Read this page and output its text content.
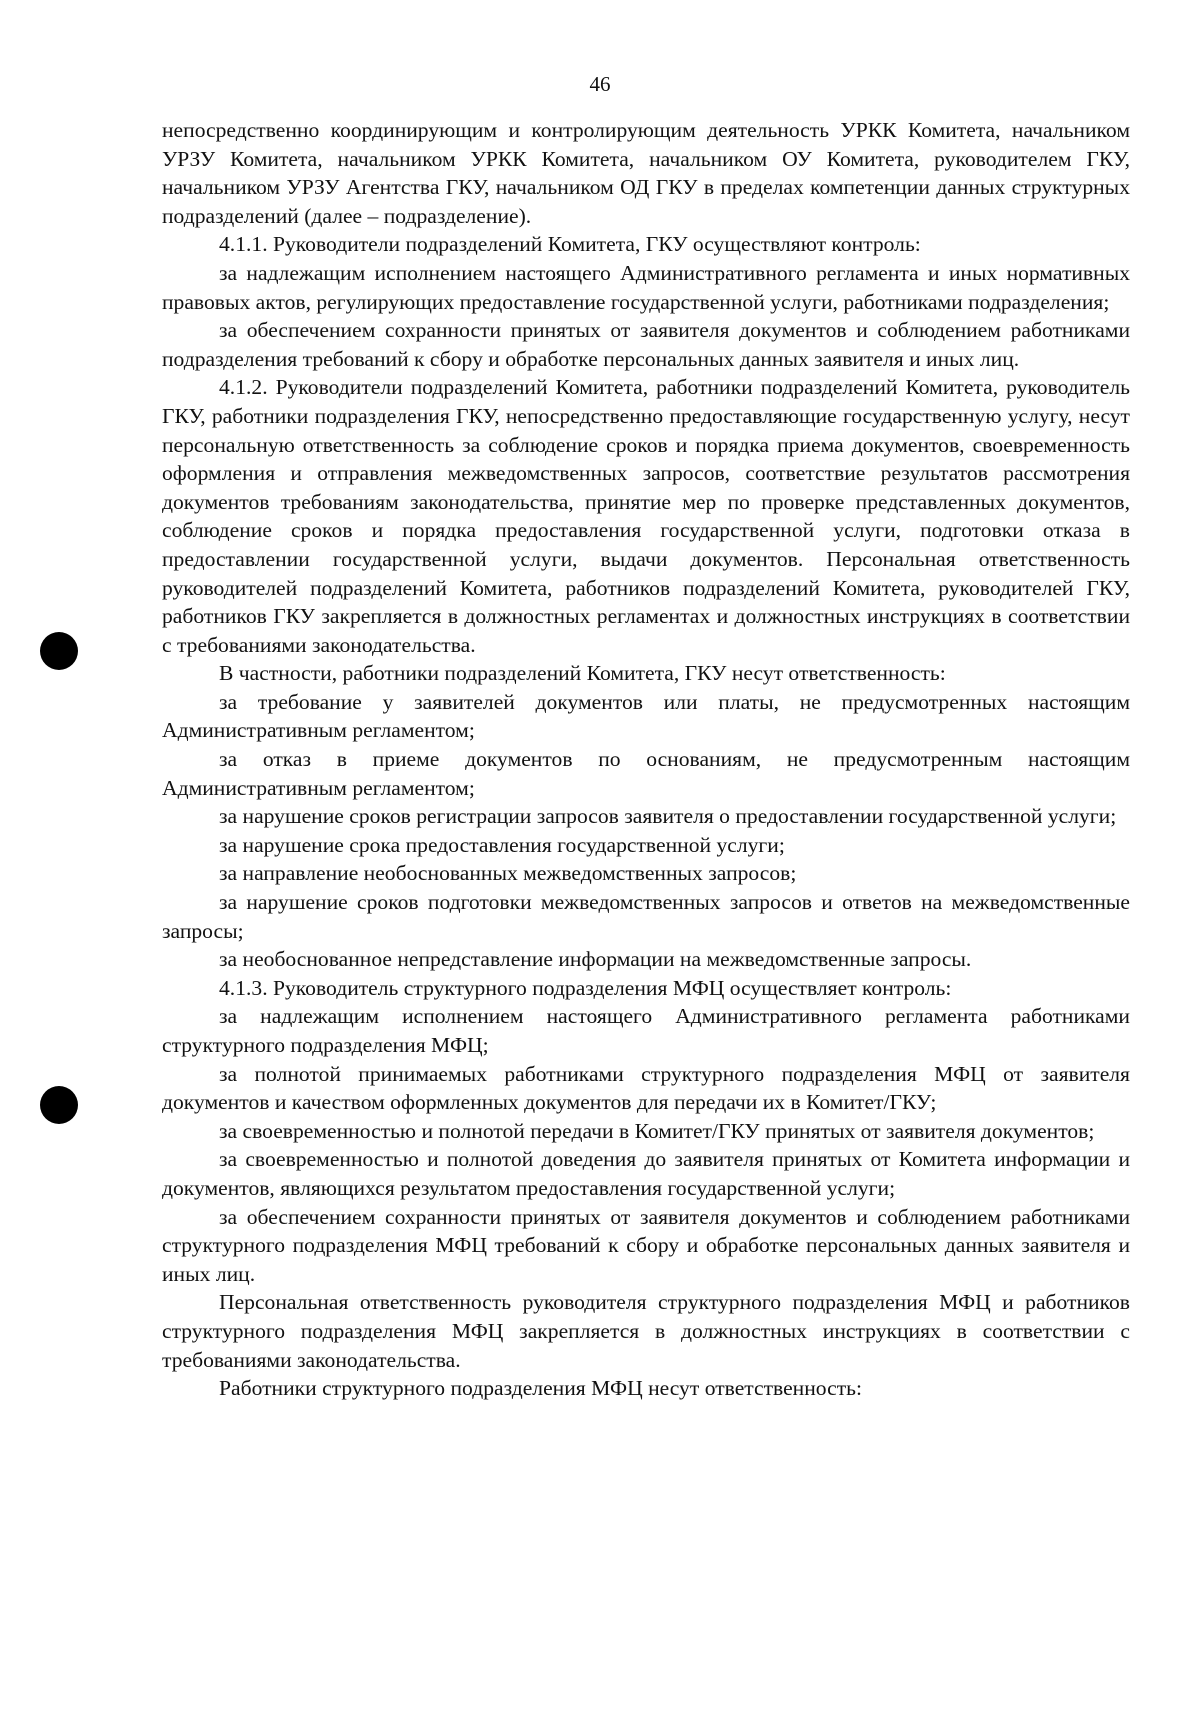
46

непосредственно координирующим и контролирующим деятельность УРКК Комитета, начальником УРЗУ Комитета, начальником УРКК Комитета, начальником ОУ Комитета, руководителем ГКУ, начальником УРЗУ Агентства ГКУ, начальником ОД ГКУ в пределах компетенции данных структурных подразделений (далее – подразделение).

4.1.1. Руководители подразделений Комитета, ГКУ осуществляют контроль:

за надлежащим исполнением настоящего Административного регламента и иных нормативных правовых актов, регулирующих предоставление государственной услуги, работниками подразделения;

за обеспечением сохранности принятых от заявителя документов и соблюдением работниками подразделения требований к сбору и обработке персональных данных заявителя и иных лиц.

4.1.2. Руководители подразделений Комитета, работники подразделений Комитета, руководитель ГКУ, работники подразделения ГКУ, непосредственно предоставляющие государственную услугу, несут персональную ответственность за соблюдение сроков и порядка приема документов, своевременность оформления и отправления межведомственных запросов, соответствие результатов рассмотрения документов требованиям законодательства, принятие мер по проверке представленных документов, соблюдение сроков и порядка предоставления государственной услуги, подготовки отказа в предоставлении государственной услуги, выдачи документов. Персональная ответственность руководителей подразделений Комитета, работников подразделений Комитета, руководителей ГКУ, работников ГКУ закрепляется в должностных регламентах и должностных инструкциях в соответствии с требованиями законодательства.

В частности, работники подразделений Комитета, ГКУ несут ответственность:

за требование у заявителей документов или платы, не предусмотренных настоящим Административным регламентом;

за отказ в приеме документов по основаниям, не предусмотренным настоящим Административным регламентом;

за нарушение сроков регистрации запросов заявителя о предоставлении государственной услуги;

за нарушение срока предоставления государственной услуги;

за направление необоснованных межведомственных запросов;

за нарушение сроков подготовки межведомственных запросов и ответов на межведомственные запросы;

за необоснованное непредставление информации на межведомственные запросы.

4.1.3. Руководитель структурного подразделения МФЦ осуществляет контроль:

за надлежащим исполнением настоящего Административного регламента работниками структурного подразделения МФЦ;

за полнотой принимаемых работниками структурного подразделения МФЦ от заявителя документов и качеством оформленных документов для передачи их в Комитет/ГКУ;

за своевременностью и полнотой передачи в Комитет/ГКУ принятых от заявителя документов;

за своевременностью и полнотой доведения до заявителя принятых от Комитета информации и документов, являющихся результатом предоставления государственной услуги;

за обеспечением сохранности принятых от заявителя документов и соблюдением работниками структурного подразделения МФЦ требований к сбору и обработке персональных данных заявителя и иных лиц.

Персональная ответственность руководителя структурного подразделения МФЦ и работников структурного подразделения МФЦ закрепляется в должностных инструкциях в соответствии с требованиями законодательства.

Работники структурного подразделения МФЦ несут ответственность:
